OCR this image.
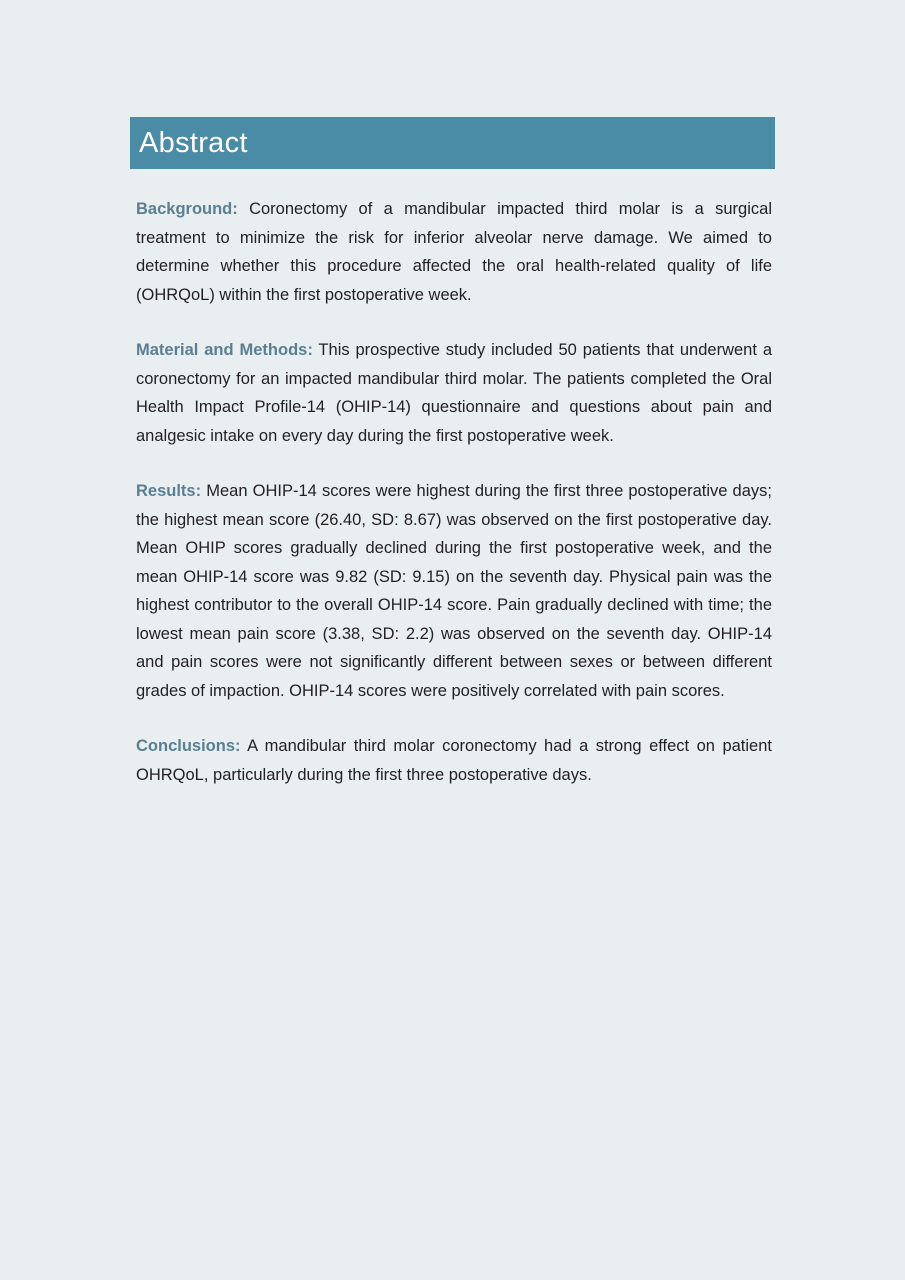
Abstract

Background: Coronectomy of a mandibular impacted third molar is a surgical treatment to minimize the risk for inferior alveolar nerve damage. We aimed to determine whether this procedure affected the oral health-related quality of life (OHRQoL) within the first postoperative week.

Material and Methods: This prospective study included 50 patients that underwent a coronectomy for an impacted mandibular third molar. The patients completed the Oral Health Impact Profile-14 (OHIP-14) questionnaire and questions about pain and analgesic intake on every day during the first postoperative week.

Results: Mean OHIP-14 scores were highest during the first three postoperative days; the highest mean score (26.40, SD: 8.67) was observed on the first postoperative day. Mean OHIP scores gradually declined during the first postoperative week, and the mean OHIP-14 score was 9.82 (SD: 9.15) on the seventh day. Physical pain was the highest contributor to the overall OHIP-14 score. Pain gradually declined with time; the lowest mean pain score (3.38, SD: 2.2) was observed on the seventh day. OHIP-14 and pain scores were not significantly different between sexes or between different grades of impaction. OHIP-14 scores were positively correlated with pain scores.

Conclusions: A mandibular third molar coronectomy had a strong effect on patient OHRQoL, particularly during the first three postoperative days.
